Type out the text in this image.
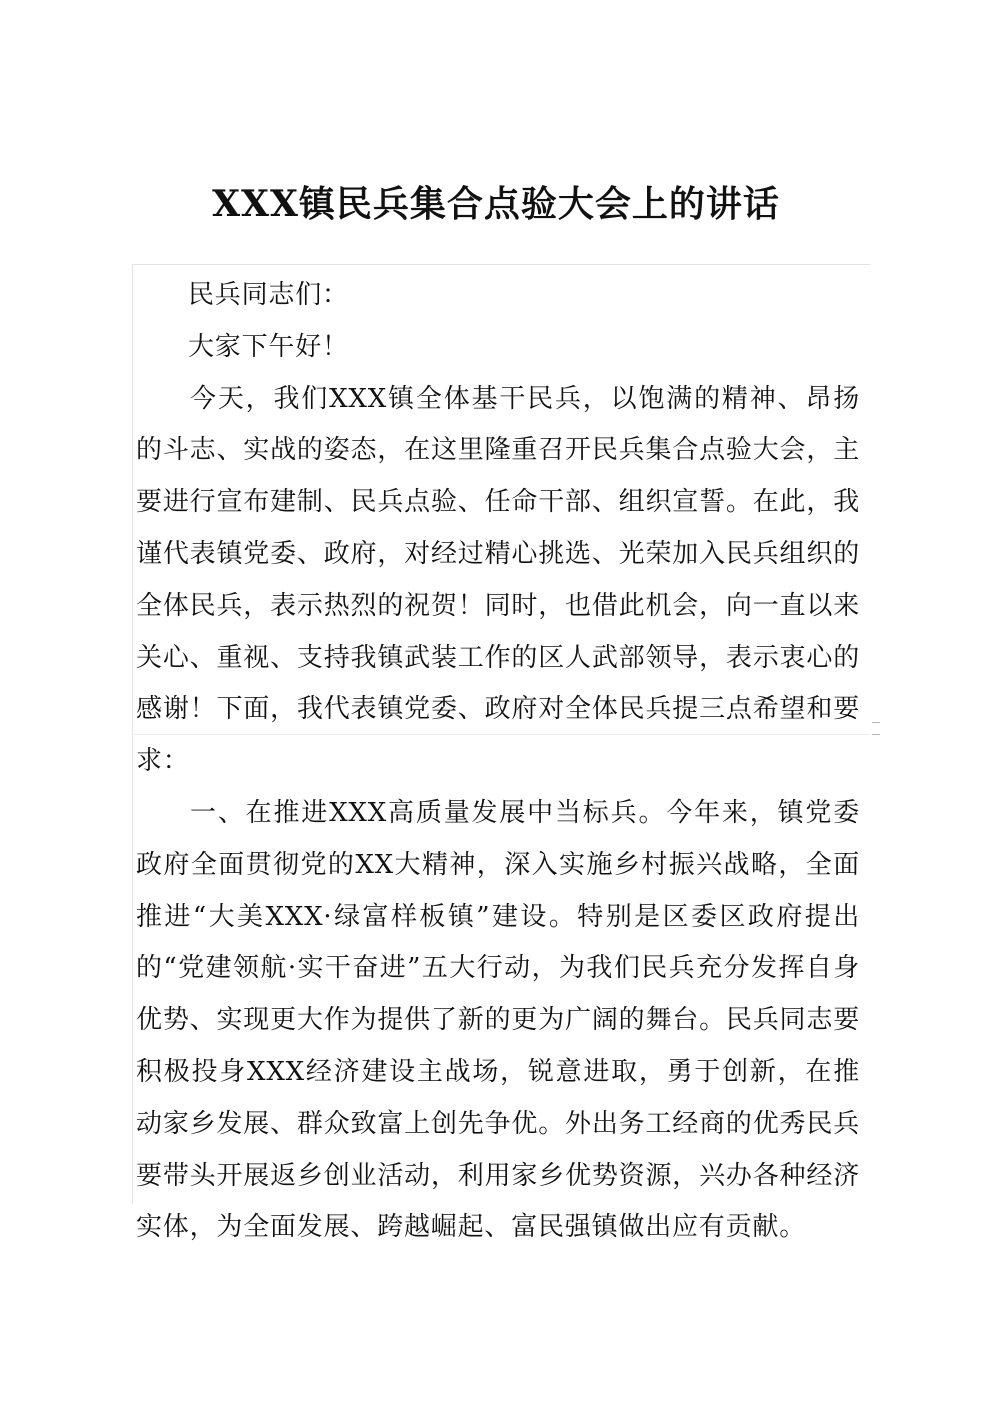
XXX镇民兵集合点验大会上的讲话

民兵同志们：

大家下午好！

今天，我们XXX镇全体基干民兵，以饱满的精神、昂扬的斗志、实战的姿态，在这里隆重召开民兵集合点验大会，主要进行宣布建制、民兵点验、任命干部、组织宣誓。在此，我谨代表镇党委、政府，对经过精心挑选、光荣加入民兵组织的全体民兵，表示热烈的祝贺！同时，也借此机会，向一直以来关心、重视、支持我镇武装工作的区人武部领导，表示衷心的感谢！下面，我代表镇党委、政府对全体民兵提三点希望和要求：

一、在推进XXX高质量发展中当标兵。今年来，镇党委政府全面贯彻党的XX大精神，深入实施乡村振兴战略，全面推进“大美XXX·绿富样板镇”建设。特别是区委区政府提出的“党建领航·实干奋进”五大行动，为我们民兵充分发挥自身优势、实现更大作为提供了新的更为广阔的舞台。民兵同志要积极投身XXX经济建设主战场，锐意进取，勇于创新，在推动家乡发展、群众致富上创先争优。外出务工经商的优秀民兵要带头开展返乡创业活动，利用家乡优势资源，兴办各种经济实体，为全面发展、跨越崛起、富民强镇做出应有贡献。
